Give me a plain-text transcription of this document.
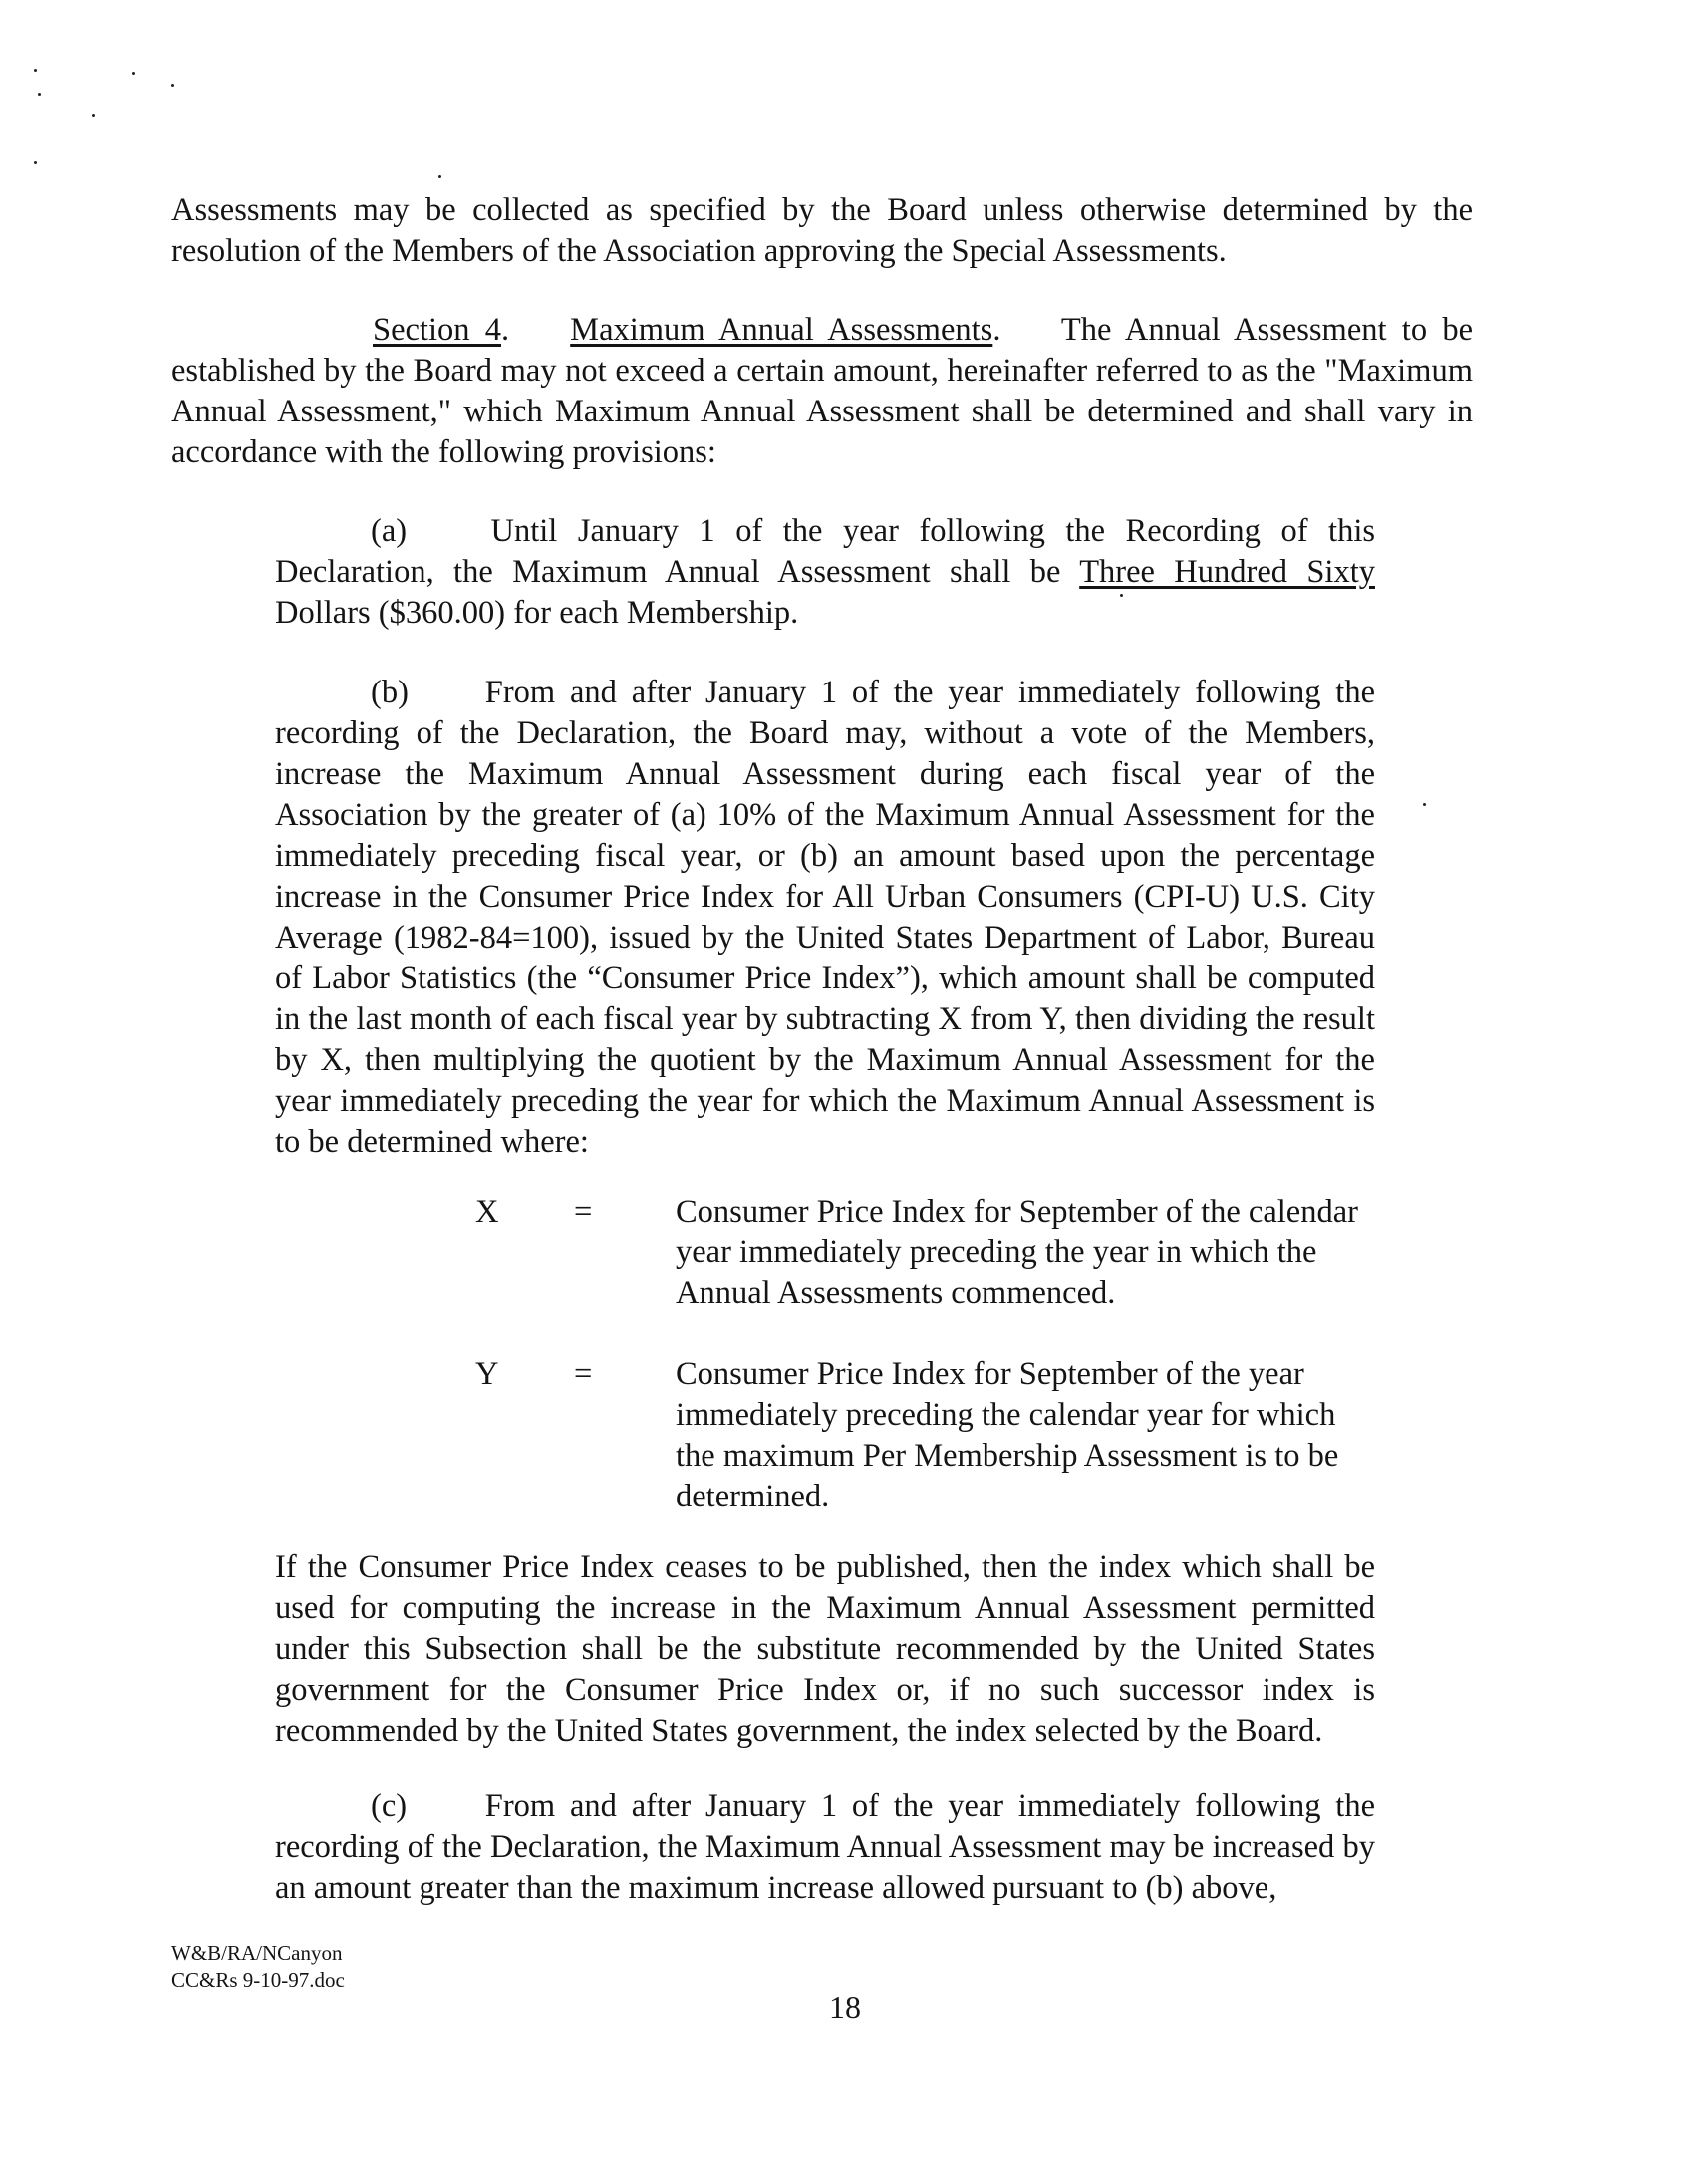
Assessments may be collected as specified by the Board unless otherwise determined by the resolution of the Members of the Association approving the Special Assessments.
Section 4.    Maximum Annual Assessments.    The Annual Assessment to be established by the Board may not exceed a certain amount, hereinafter referred to as the "Maximum Annual Assessment," which Maximum Annual Assessment shall be determined and shall vary in accordance with the following provisions:
(a)	Until January 1 of the year following the Recording of this Declaration, the Maximum Annual Assessment shall be Three Hundred Sixty Dollars ($360.00) for each Membership.
(b) From and after January 1 of the year immediately following the recording of the Declaration, the Board may, without a vote of the Members, increase the Maximum Annual Assessment during each fiscal year of the Association by the greater of (a) 10% of the Maximum Annual Assessment for the immediately preceding fiscal year, or (b) an amount based upon the percentage increase in the Consumer Price Index for All Urban Consumers (CPI-U) U.S. City Average (1982-84=100), issued by the United States Department of Labor, Bureau of Labor Statistics (the “Consumer Price Index”), which amount shall be computed in the last month of each fiscal year by subtracting X from Y, then dividing the result by X, then multiplying the quotient by the Maximum Annual Assessment for the year immediately preceding the year for which the Maximum Annual Assessment is to be determined where:
X =	Consumer Price Index for September of the calendar year immediately preceding the year in which the Annual Assessments commenced.
Y =	Consumer Price Index for September of the year immediately preceding the calendar year for which the maximum Per Membership Assessment is to be determined.
If the Consumer Price Index ceases to be published, then the index which shall be used for computing the increase in the Maximum Annual Assessment permitted under this Subsection shall be the substitute recommended by the United States government for the Consumer Price Index or, if no such successor index is recommended by the United States government, the index selected by the Board.
(c) From and after January 1 of the year immediately following the recording of the Declaration, the Maximum Annual Assessment may be increased by an amount greater than the maximum increase allowed pursuant to (b) above,
W&B/RA/NCanyon
CC&Rs 9-10-97.doc
18
